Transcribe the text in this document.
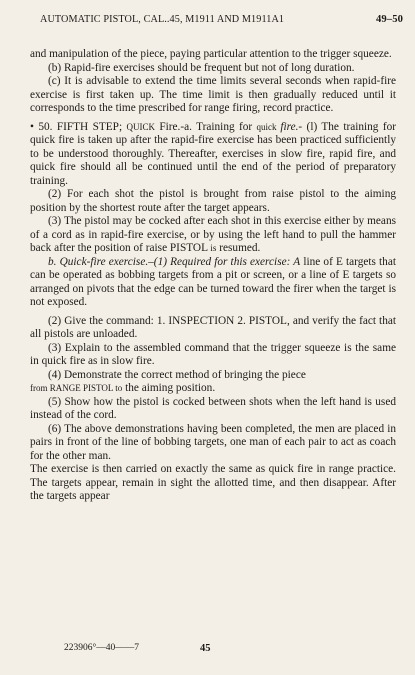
AUTOMATIC PISTOL, CAL..45, M1911 AND M1911A1	49–50

and manipulation of the piece, paying particular attention to the trigger squeeze.

(b) Rapid-fire exercises should be frequent but not of long duration.

(c) It is advisable to extend the time limits several seconds when rapid-fire exercise is first taken up. The time limit is then gradually reduced until it corresponds to the time prescribed for range firing, record practice.

• 50. FIFTH STEP; QUICK Fire.-a. Training for quick fire.- (l) The training for quick fire is taken up after the rapid-fire exercise has been practiced sufficiently to be understood thoroughly. Thereafter, exercises in slow fire, rapid fire, and quick fire should all be continued until the end of the period of preparatory training.

(2) For each shot the pistol is brought from raise pistol to the aiming position by the shortest route after the target appears.

(3) The pistol may be cocked after each shot in this exercise either by means of a cord as in rapid-fire exercise, or by using the left hand to pull the hammer back after the position of raise PISTOL is resumed.

b. Quick-fire exercise.–(1) Required for this exercise: A line of E targets that can be operated as bobbing targets from a pit or screen, or a line of E targets so arranged on pivots that the edge can be turned toward the firer when the target is not exposed.

(2) Give the command: 1. INSPECTION 2. PISTOL, and verify the fact that all pistols are unloaded.

(3) Explain to the assembled command that the trigger squeeze is the same in quick fire as in slow fire.

(4) Demonstrate the correct method of bringing the piece

from RANGE PISTOL to the aiming position.

(5) Show how the pistol is cocked between shots when the left hand is used instead of the cord.

(6) The above demonstrations having been completed, the men are placed in pairs in front of the line of bobbing targets, one man of each pair to act as coach for the other man.

The exercise is then carried on exactly the same as quick fire in range practice. The targets appear, remain in sight the allotted time, and then disappear. After the targets appear

223906°—40——7	45
